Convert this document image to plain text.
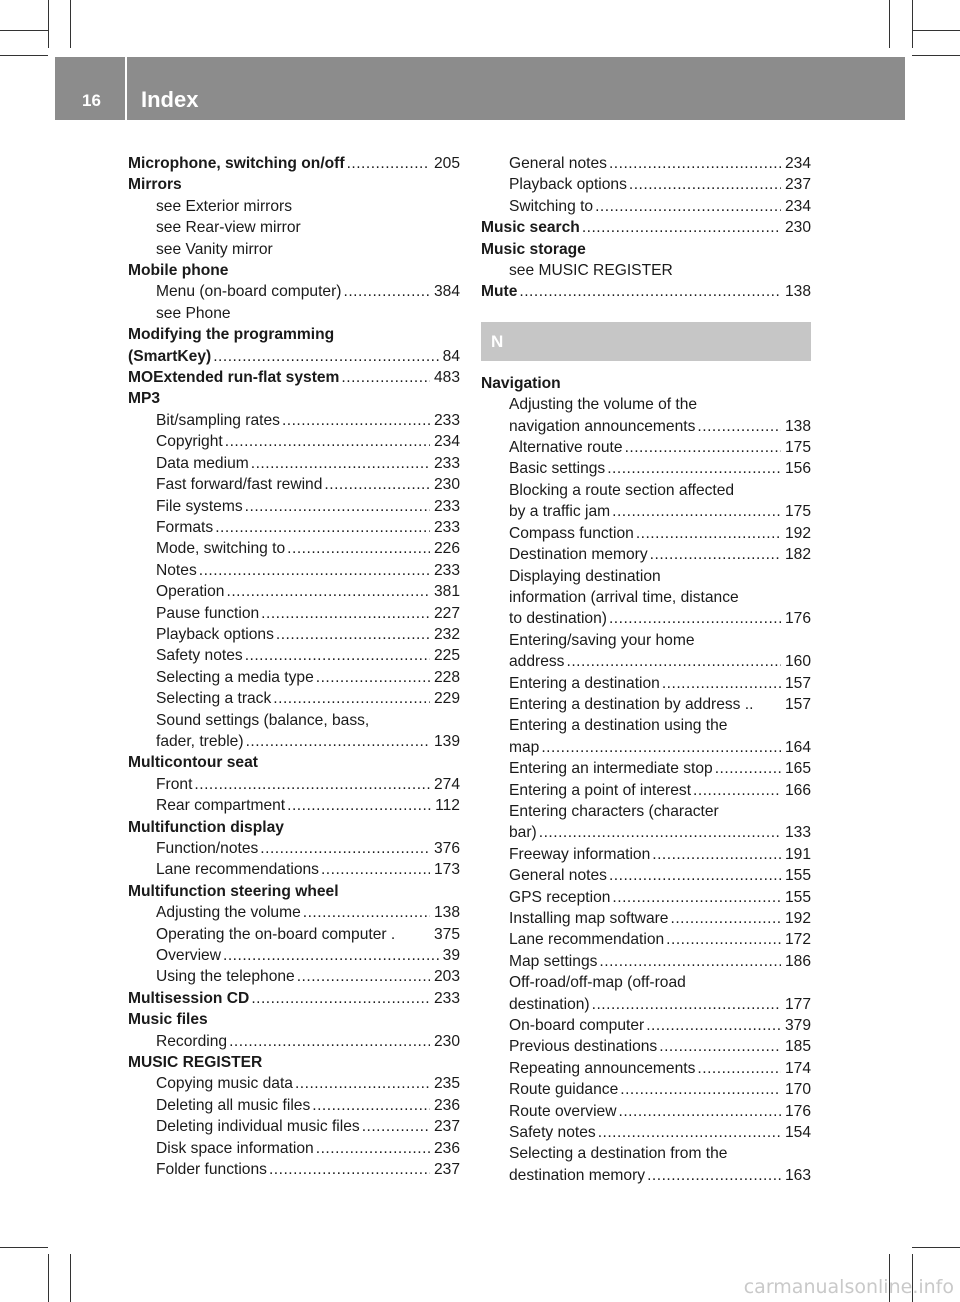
16 Index
Microphone, switching on/off .....	205
Mirrors
see Exterior mirrors
see Rear-view mirror
see Vanity mirror
Mobile phone
Menu (on-board computer) .....	384
see Phone
Modifying the programming
(SmartKey) .....	84
MOExtended run-flat system .....	483
MP3
Bit/sampling rates .....	233
Copyright .....	234
Data medium .....	233
Fast forward/fast rewind .....	230
File systems .....	233
Formats .....	233
Mode, switching to .....	226
Notes .....	233
Operation .....	381
Pause function .....	227
Playback options .....	232
Safety notes .....	225
Selecting a media type .....	228
Selecting a track .....	229
Sound settings (balance, bass,
fader, treble) .....	139
Multicontour seat
Front .....	274
Rear compartment .....	112
Multifunction display
Function/notes .....	376
Lane recommendations .....	173
Multifunction steering wheel
Adjusting the volume .....	138
Operating the on-board computer . 375
Overview .....	39
Using the telephone .....	203
Multisession CD .....	233
Music files
Recording .....	230
MUSIC REGISTER
Copying music data .....	235
Deleting all music files .....	236
Deleting individual music files .....	237
Disk space information .....	236
Folder functions .....	237
General notes .....	234
Playback options .....	237
Switching to .....	234
Music search .....	230
Music storage
see MUSIC REGISTER
Mute .....	138
N
Navigation
Adjusting the volume of the
navigation announcements .....	138
Alternative route .....	175
Basic settings .....	156
Blocking a route section affected
by a traffic jam .....	175
Compass function .....	192
Destination memory .....	182
Displaying destination
information (arrival time, distance
to destination) .....	176
Entering/saving your home
address .....	160
Entering a destination .....	157
Entering a destination by address .. 157
Entering a destination using the
map .....	164
Entering an intermediate stop .....	165
Entering a point of interest .....	166
Entering characters (character
bar) .....	133
Freeway information .....	191
General notes .....	155
GPS reception .....	155
Installing map software .....	192
Lane recommendation .....	172
Map settings .....	186
Off-road/off-map (off-road
destination) .....	177
On-board computer .....	379
Previous destinations .....	185
Repeating announcements .....	174
Route guidance .....	170
Route overview .....	176
Safety notes .....	154
Selecting a destination from the
destination memory .....	163
carmanualsonline.info
